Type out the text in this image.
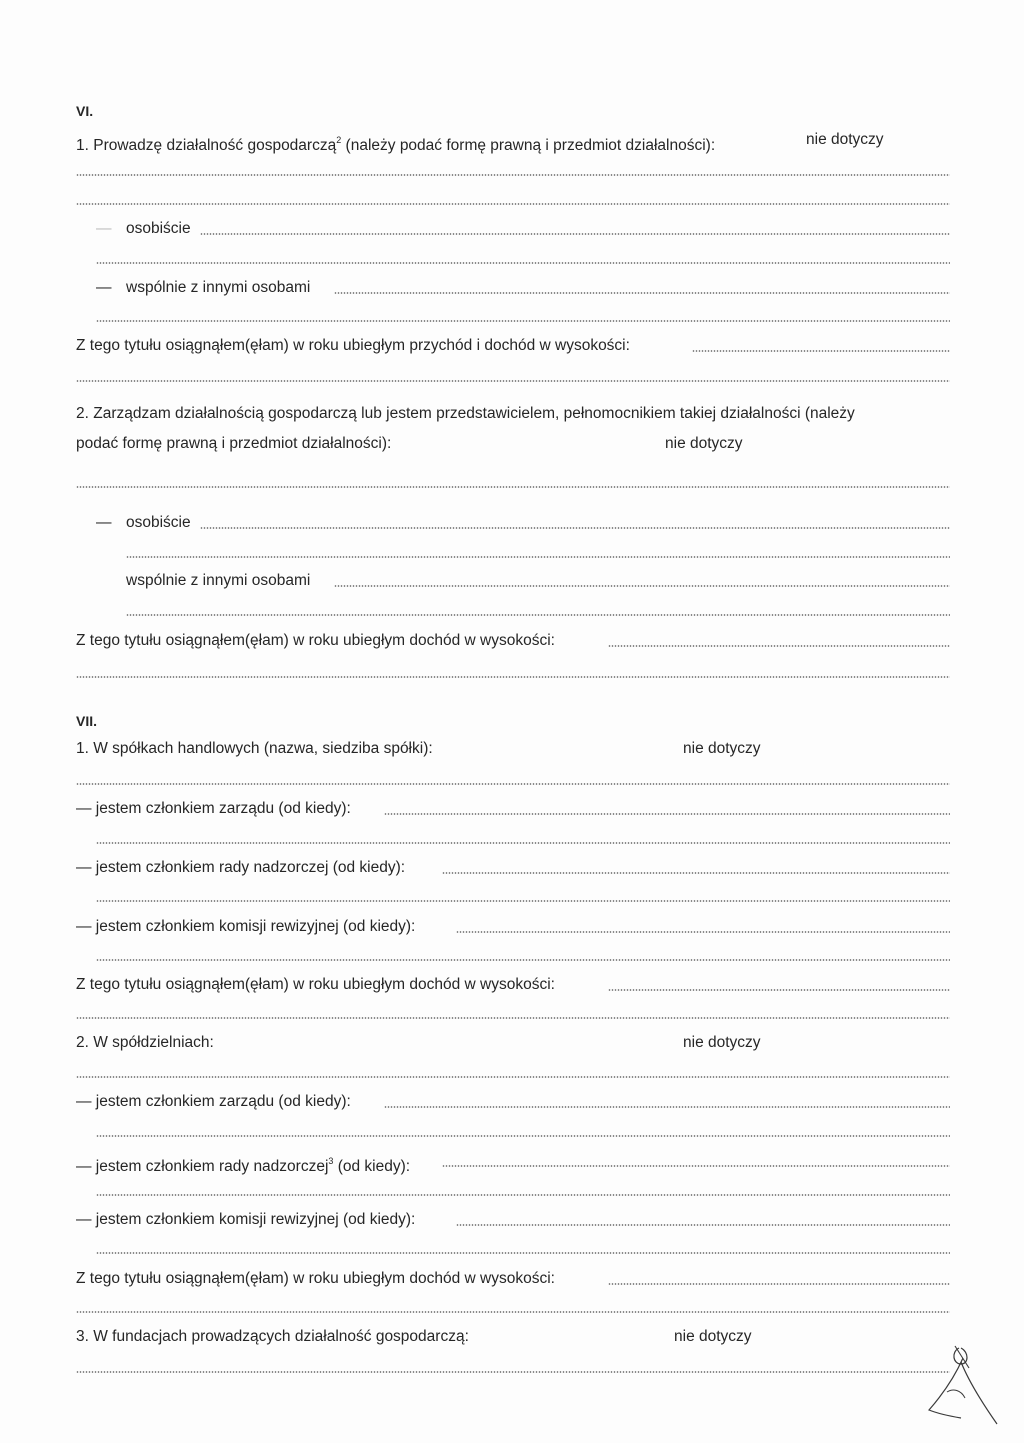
VI.
1. Prowadzę działalność gospodarczą$^2$ (należy podać formę prawną i przedmiot działalności):	nie dotyczy
— osobiście
— wspólnie z innymi osobami
Z tego tytułu osiągnąłem(ęłam) w roku ubiegłym przychód i dochód w wysokości:
2. Zarządzam działalnością gospodarczą lub jestem przedstawicielem, pełnomocnikiem takiej działalności (należy
podać formę prawną i przedmiot działalności):	nie dotyczy
— osobiście
wspólnie z innymi osobami
Z tego tytułu osiągnąłem(ęłam) w roku ubiegłym dochód w wysokości:
VII.
1. W spółkach handlowych (nazwa, siedziba spółki):	nie dotyczy
— jestem członkiem zarządu (od kiedy):
— jestem członkiem rady nadzorczej (od kiedy):
— jestem członkiem komisji rewizyjnej (od kiedy):
Z tego tytułu osiągnąłem(ęłam) w roku ubiegłym dochód w wysokości:
2. W spółdzielniach:	nie dotyczy
— jestem członkiem zarządu (od kiedy):
— jestem członkiem rady nadzorczej$^3$ (od kiedy):
— jestem członkiem komisji rewizyjnej (od kiedy):
Z tego tytułu osiągnąłem(ęłam) w roku ubiegłym dochód w wysokości:
3. W fundacjach prowadzących działalność gospodarczą:	nie dotyczy
